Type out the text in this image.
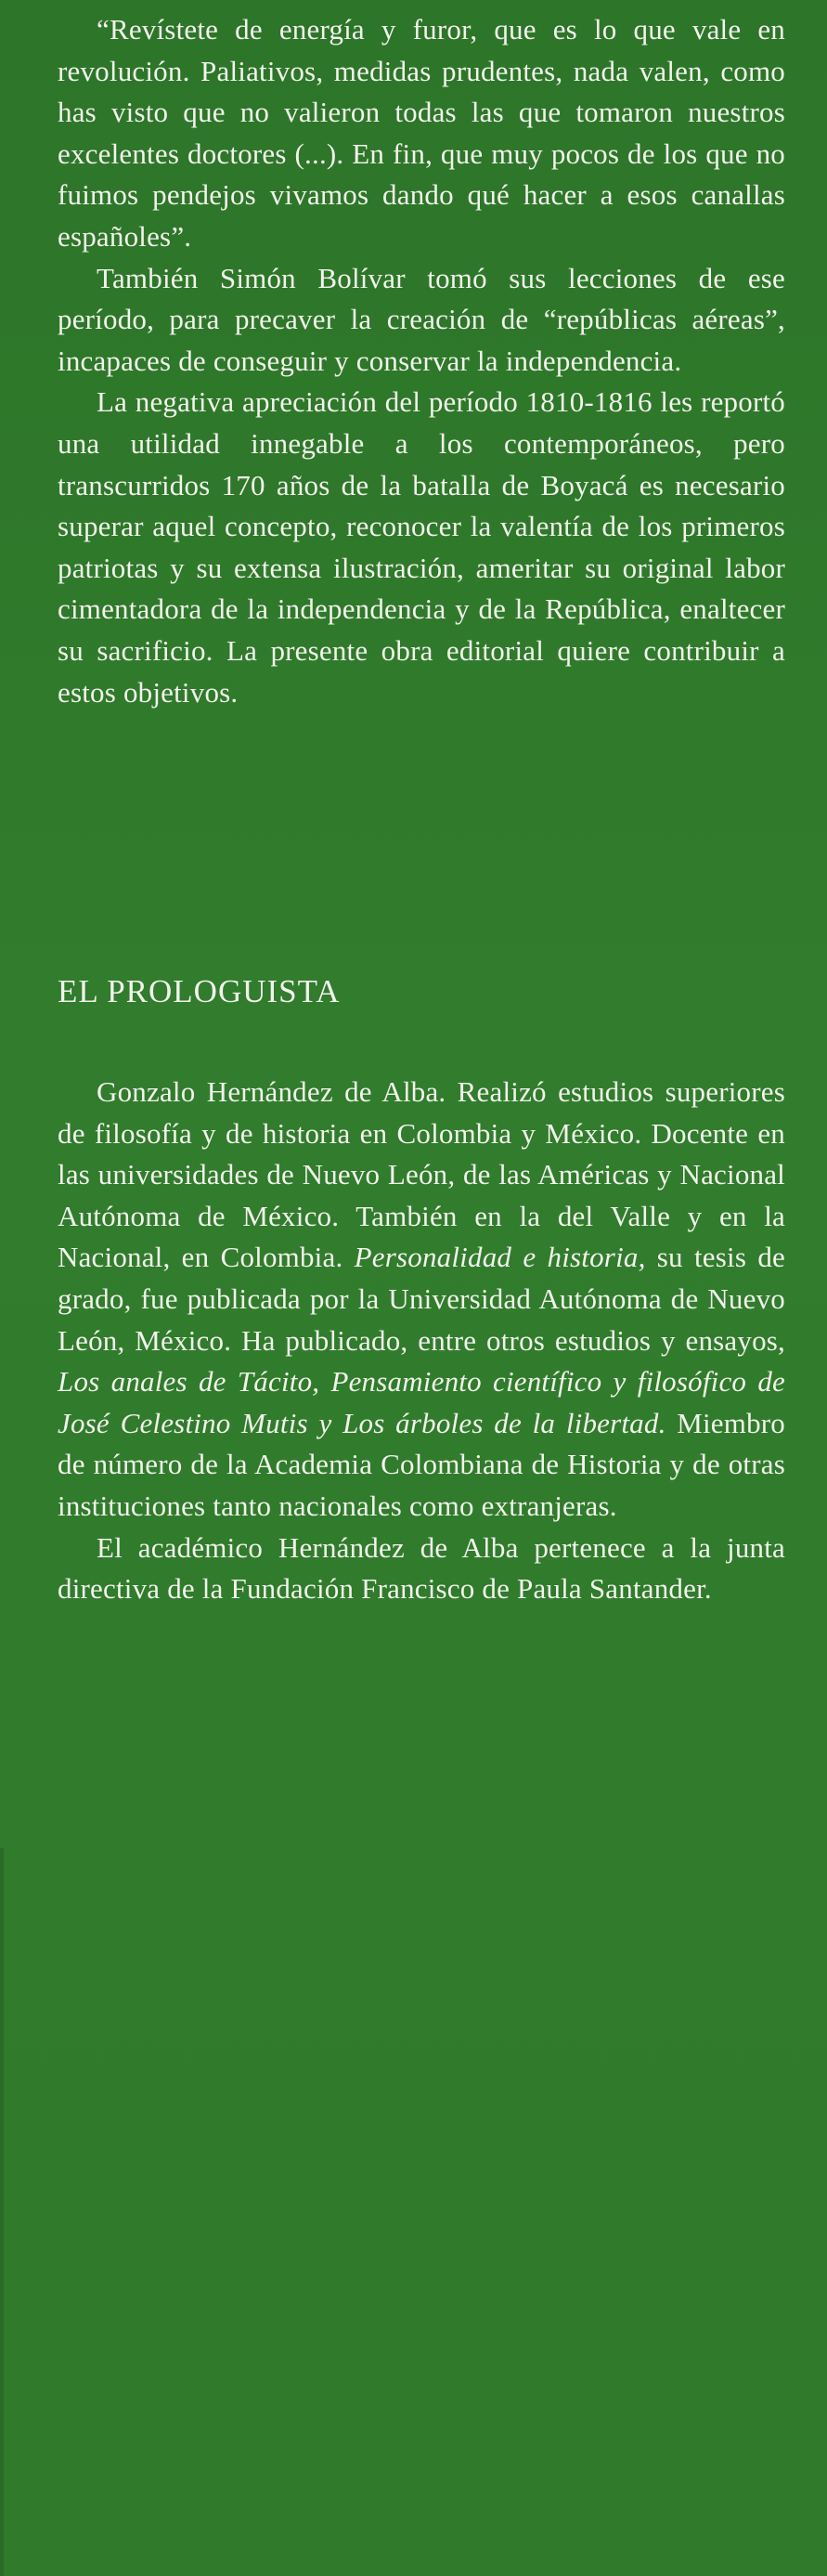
“Revístete de energía y furor, que es lo que vale en revolución. Paliativos, medidas prudentes, nada valen, como has visto que no valieron todas las que tomaron nuestros excelentes doctores (...). En fin, que muy pocos de los que no fuimos pendejos vivamos dando qué hacer a esos canallas españoles”.

También Simón Bolívar tomó sus lecciones de ese período, para precaver la creación de “repúblicas aéreas”, incapaces de conseguir y conservar la independencia.

La negativa apreciación del período 1810-1816 les reportó una utilidad innegable a los contemporáneos, pero transcurridos 170 años de la batalla de Boyacá es necesario superar aquel concepto, reconocer la valentía de los primeros patriotas y su extensa ilustración, ameritar su original labor cimentadora de la independencia y de la República, enaltecer su sacrificio. La presente obra editorial quiere contribuir a estos objetivos.

EL PROLOGUISTA

Gonzalo Hernández de Alba. Realizó estudios superiores de filosofía y de historia en Colombia y México. Docente en las universidades de Nuevo León, de las Américas y Nacional Autónoma de México. También en la del Valle y en la Nacional, en Colombia. Personalidad e historia, su tesis de grado, fue publicada por la Universidad Autónoma de Nuevo León, México. Ha publicado, entre otros estudios y ensayos, Los anales de Tácito, Pensamiento científico y filosófico de José Celestino Mutis y Los árboles de la libertad. Miembro de número de la Academia Colombiana de Historia y de otras instituciones tanto nacionales como extranjeras.

El académico Hernández de Alba pertenece a la junta directiva de la Fundación Francisco de Paula Santander.
